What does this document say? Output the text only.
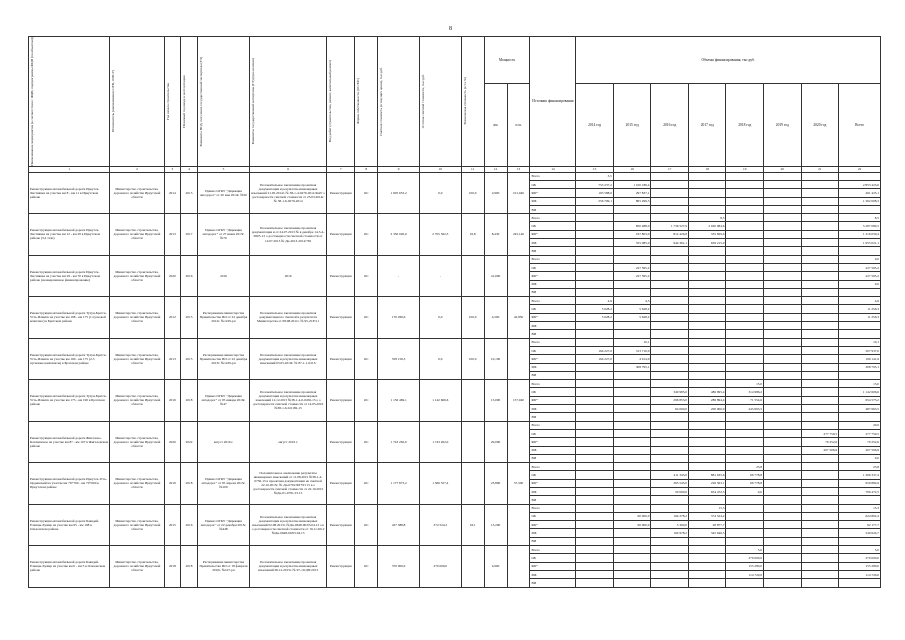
8
Наименование мероприятия (в соответствии с ФЦП, подпрограммы ФЦП (по объектам))	Исполнитель (наименование ОГВ, ОМСУ)	Год начала строительства	Плановый год ввода в эксплуатацию	Реквизиты ПСД, получение государственной экспертизы (ГЭ)	Реквизиты государственной экспертизы (ГЭ) (при наличии)	Вид работ (строительство, ремонт, капитальный ремонт)	Форма собственности (ОС/МС)	Сметная стоимость (в текущих ценах), тыс.руб.	Остаток сметной стоимости, тыс.руб.	Техническая готовность (в т.ч.%)	Мощность		Источник финансирования	Объемы финансирования, тыс.руб.							
											км	п.м.		2014 год	2015 год	2016 год	2017 год	2018 год	2019 год	2020 год	Всего
1	2	3	4	5	6	7	8	9	10	11	12	13	14	15	16	17	18	19	20	21	22
Реконструкция автомобильной дороги Иркутск-Листвянка на участке км 8 - км 11 в Иркутском районе	Министерство строительства, дорожного хозяйства Иркутской области	2014	2015	Приказ ОГКУ "Дирекция автодорог" от 20 мая 2014г. №50	Положительное заключение проектная документация и результаты инженерных изысканий 21.05.2014г. № 38-1-4-0279-2014 ФАУ о достоверности сметной стоимости от 25.03.2014г. № 38-1-6-0279-2014	Реконструкция	ОС	1 605 653,2	0,0	100,0	2,900	101,040	Всего	3,5							
													ОБ	753 237,2	1 100 186,4						2 853 423,6
													ФБ*	193 588,0	297 837,1						491 425,1
													МБ	556 709,1	805 299,3						1 362 008,3
													ВИ								
Реконструкция автомобильной дороги Иркутск-Листвянка на участке км 12 - км 29 в Иркутском районе (3,2 этап)	Министерство строительства, дорожного хозяйства Иркутской области	2013	2017	Приказ ОГКУ "Дирекция автодорог" от 27 июня 2013г. №70	Положительное заключение проектная документация и от 24.07.2013 № в декабре 14-3-4-0605-13 о достоверности сметной стоимости от 14.07.2013 № Дн-2013-2014/765	Реконструкция	ОС	2 350 026,0	2 705 592,3	16,8	8,430	245,140	Всего				8,5				8,5
													ОБ		850 488,0	1 736 527,9	2 020 084,6				5 287 080,5
													ФБ*		167 803,0	812 426,8	335 829,6				1 316 059,4
													МБ		555 085,0	944 361,1	659 215,0				1 955 021,1
													ВИ								
Реконструкция автомобильной дороги Иркутск-Листвянка на участке км 29 - км 70 в Иркутском районе (незавершенное финансирование)	Министерство строительства, дорожного хозяйства Иркутской области	2020	2016	2016	2016	Реконструкция	ОС	-	-		41,600		Всего								0,0
													ОБ		227 595,2						227 595,2
													ФБ*		227 595,2						227 595,2
													МБ								0,0
													ВИ								
Реконструкция автомобильной дороги Тулун-Братск-Усть-Илимск на участке км 168 - км 175 (1 пусковой комплекс) в Братском районе	Министерство строительства, дорожного хозяйства Иркутской области	2012	2015	Распоряжение министерства Правительства ИО от 22 декабря 2012г. №1229-рп	Положительное заключение проектная документация по сметной и результатах Министерства от 08.08.2011г. № 95-2СЕ/11	Реконструкция	ОС	170 266,6	0,0	100,0	4,500	42,850	Всего	4,9	4,5						4,9
													ОБ	5 628,2	5 628,2						11 256,3
													ФБ*	5 628,2	5 628,2						11 256,3
													МБ								
													ВИ								
Реконструкция автомобильной дороги Тулун-Братск-Усть-Илимск на участке км 160 - км 175 (2-3 пусковые комплексы) в Братском районе	Министерство строительства, дорожного хозяйства Иркутской области	2013	2015	Распоряжение министерства Правительства ИО от 22 декабря 2013г. №1229-рп	Положительное заключение проектная документация и результаты инженерных изысканий 05.05.2010г. № 87-1-1-0213/	Реконструкция	ОС	558 156,3	0,0	100,0	10,100		Всего		10,1						10,1
													ОБ	194 227,0	313 710,0						507 937,0
													ФБ*	194 227,0	4 914,9						199 141,9
													МБ		308 795,1						308 795,1
													ВИ								
Реконструкция автомобильной дороги Тулун-Братск-Усть-Илимск на участке км 175 - км 190 в Братском районе	Министерство строительства, дорожного хозяйства Иркутской области	2016	2018	Приказ ОГКУ "Дирекция автодорог" от 05 января 2016г. №47	Положительное заключение проектная документация и результаты инженерных изысканий 12.12.2015 №38-1-4-0-0456-15 о о достоверности сметной стоимости от 14.05.2016 №38-1-6-0-0182-15	Реконструкция	ОС	1 156 469,1	1 142 606,6		15,000	157,040	Всего					15,0			15,0
													ОБ			340 985,0	486 995,4	314 986,2			1 142 606,6
													ФБ*			296 853,0	286 894,4	71 554,6			654 573,2
													МБ			64 000,0	200 000,0	243 663,5			487 663,5
													ВИ								
Реконструкция автомобильной дороги Жигалово-Казачинское на участке км 87 - км 107 в Жигаловском районе	Министерство строительства, дорожного хозяйства Иркутской области	2020	2022	август 2016 г.	август 2016 г.	Реконструкция	ОС	1 743 262,0	1 743 262,0		20,000		Всего								20,0
													ОБ							277 759,5	277 759,5
													ФБ*							70 252,6	70 252,6
													МБ							207 506,9	207 506,9
													ВИ								0,0
Реконструкция автомобильной дороги Иркутск-Усть-Ордынский на участке км 79+760 - км 70+000 в Иркутском районе	Министерство строительства, дорожного хозяйства Иркутской области	2016	2018	Приказ ОГКУ "Дирекция автодорог" от 05 апреля 2015г. №100	Положительное заключение результаты инженерных изысканий от 11.08.2015 №38-1-4-0756-15 в проектная документация на сметной 22.10.2015г. № Дн-0791/ФГУП 15 в о достоверности сметной стоимости от 22.10.2015 №Дн-01-0791/15.15	Реконструкция	ОС	1 177 873,2	1 366 357,4		23,800	57,500	Всего					23,8			23,8
													ОБ			411 343,0	881 035,6	69 778,8			1 366 337,4
													ФБ*			363 543,0	226 563,1	69 778,8			659 884,9
													МБ			59 000,0	654 472,5	0,0			706 472,5
													ВИ								
Реконструкция автомобильной дороги Баяндай-Еланцы-Хужир на участке км 95 - км 108 в Ольхонском районе	Министерство строительства, дорожного хозяйства Иркутской области	2015	2016	Приказ ОГКУ "Дирекция автодорог" от 22 декабря 2013г. №448	Положительное заключение проектная документация и результаты инженерных изысканий 02.08.2013г. №Дн-0648-00/05.04.13 о в о достоверности сметной стоимости от 19.11.2012 №Дн-0648-00/05.04.13	Реконструкция	ОС	437 388,8	374 524,2	18,1	13,200		Всего				15,3				15,3
													ОБ		60 000,0	194 278,2	374 524,2				624 802,4
													ФБ*		60 000,0	3 300,0	28 877,7				92 177,7
													МБ			194 978,2	345 646,5				540 624,7
													ВИ								
Реконструкция автомобильной дороги Баяндай-Еланцы-Хужир на участке км 0 - км 5 в Ольхонском районе	Министерство строительства, дорожного хозяйства Иркутской области	2018	2018	Распоряжение министерства Правительства ИО от 18 февраля 2016г. №107-рп	Положительное заключение проектная документация и результаты инженерных изысканий 06.12.2013г. № 97-10/ДП/2013	Реконструкция	ОС	370 000,0	270 000,0		4,900		Всего					5,0			5,0
													ОБ					270 000,0			270 000,0
													ФБ*					155 280,0			155 280,0
													МБ					114 720,0			114 720,0
													ВИ								
